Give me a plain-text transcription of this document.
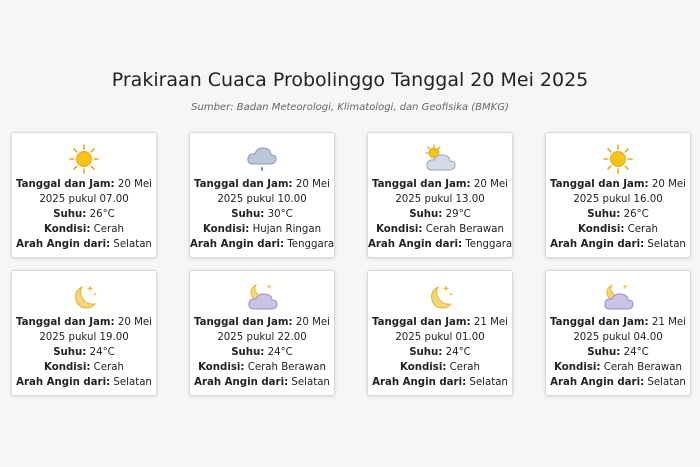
Prakiraan Cuaca Probolinggo Tanggal 20 Mei 2025
Sumber: Badan Meteorologi, Klimatologi, dan Geofisika (BMKG)
Tanggal dan Jam: 20 Mei
2025 pukul 07.00
Suhu: 26°C
Kondisi: Cerah
Arah Angin dari: Selatan
Tanggal dan Jam: 20 Mei
2025 pukul 10.00
Suhu: 30°C
Kondisi: Hujan Ringan
Arah Angin dari: Tenggara
Tanggal dan Jam: 20 Mei
2025 pukul 13.00
Suhu: 29°C
Kondisi: Cerah Berawan
Arah Angin dari: Tenggara
Tanggal dan Jam: 20 Mei
2025 pukul 16.00
Suhu: 26°C
Kondisi: Cerah
Arah Angin dari: Selatan
Tanggal dan Jam: 20 Mei
2025 pukul 19.00
Suhu: 24°C
Kondisi: Cerah
Arah Angin dari: Selatan
Tanggal dan Jam: 20 Mei
2025 pukul 22.00
Suhu: 24°C
Kondisi: Cerah Berawan
Arah Angin dari: Selatan
Tanggal dan Jam: 21 Mei
2025 pukul 01.00
Suhu: 24°C
Kondisi: Cerah
Arah Angin dari: Selatan
Tanggal dan Jam: 21 Mei
2025 pukul 04.00
Suhu: 24°C
Kondisi: Cerah Berawan
Arah Angin dari: Selatan
